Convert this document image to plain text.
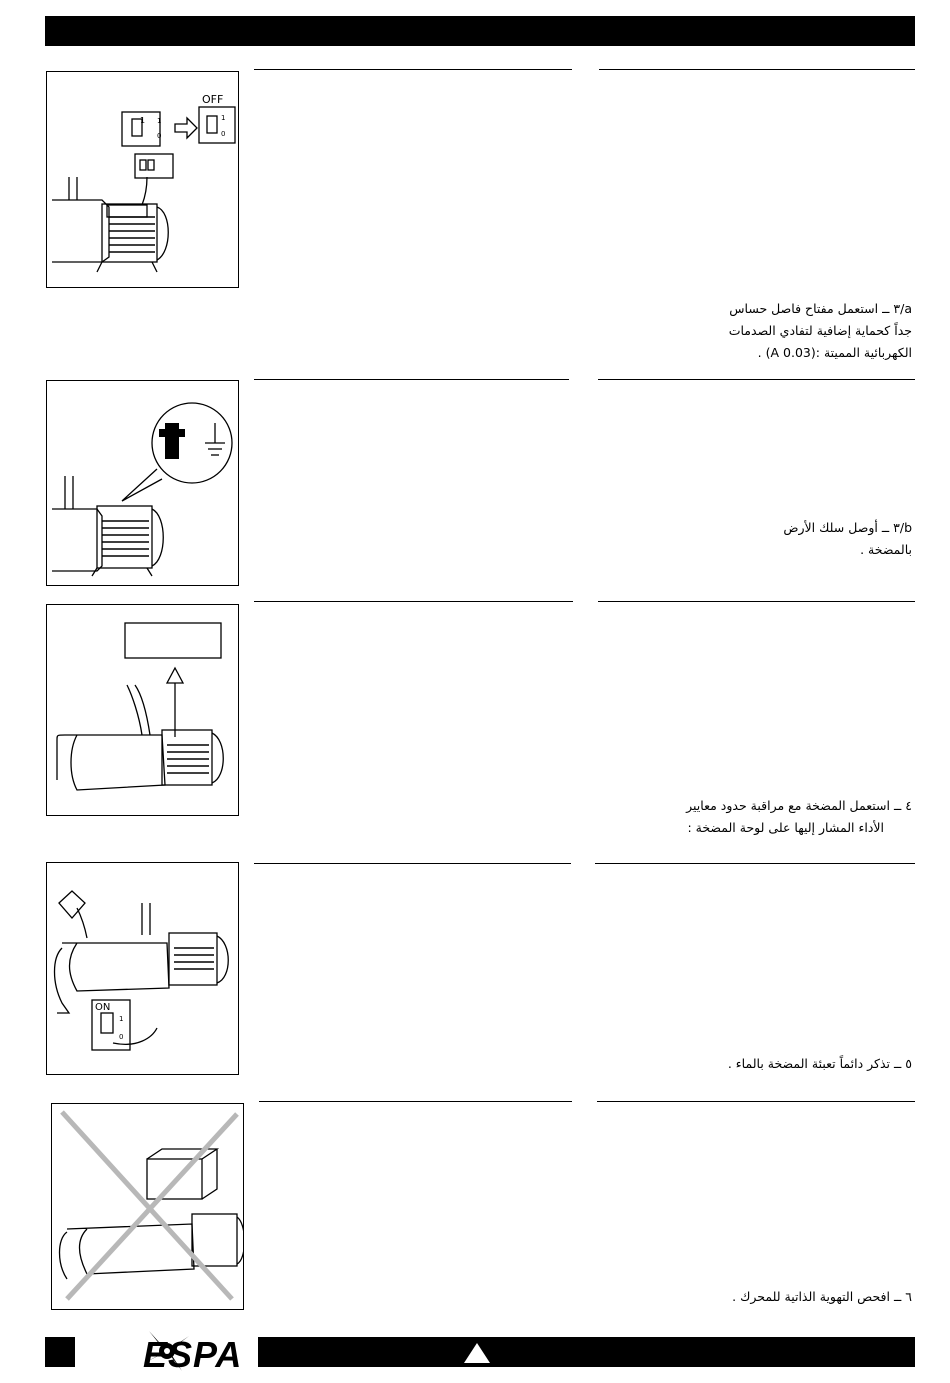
1 1
0
OFF
1
0
a/٣ ــ استعمل مفتاح فاصل حساس
جداً كحماية إضافية لتفادي الصدمات
الكهربائية المميتة :(0.03 A) .
b/٣ ــ أوصل سلك الأرض
بالمضخة .
٤ ــ استعمل المضخة مع مراقبة حدود معايير
الأداء المشار إليها على لوحة المضخة :
ON
1
0
٥ ــ تذكر دائماً تعبئة المضخة بالماء .
٦ ــ افحص التهوية الذاتية للمحرك .
ESPA
